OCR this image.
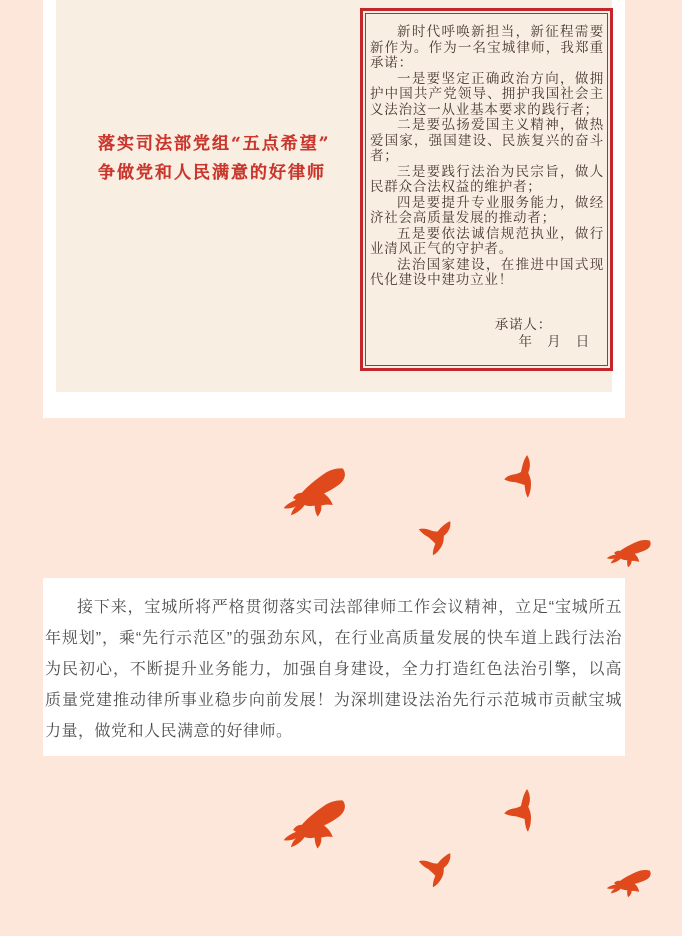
落实司法部党组“五点希望”
争做党和人民满意的好律师

新时代呼唤新担当，新征程需要新作为。作为一名宝城律师，我郑重承诺：

一是要坚定正确政治方向，做拥护中国共产党领导、拥护我国社会主义法治这一从业基本要求的践行者；

二是要弘扬爱国主义精神，做热爱国家，强国建设、民族复兴的奋斗者；

三是要践行法治为民宗旨，做人民群众合法权益的维护者；

四是要提升专业服务能力，做经济社会高质量发展的推动者；

五是要依法诚信规范执业，做行业清风正气的守护者。

法治国家建设，在推进中国式现代化建设中建功立业！

承诺人：
年　月　日

接下来，宝城所将严格贯彻落实司法部律师工作会议精神，立足“宝城所五年规划”，乘“先行示范区”的强劲东风，在行业高质量发展的快车道上践行法治为民初心，不断提升业务能力，加强自身建设，全力打造红色法治引擎，以高质量党建推动律所事业稳步向前发展！为深圳建设法治先行示范城市贡献宝城力量，做党和人民满意的好律师。
